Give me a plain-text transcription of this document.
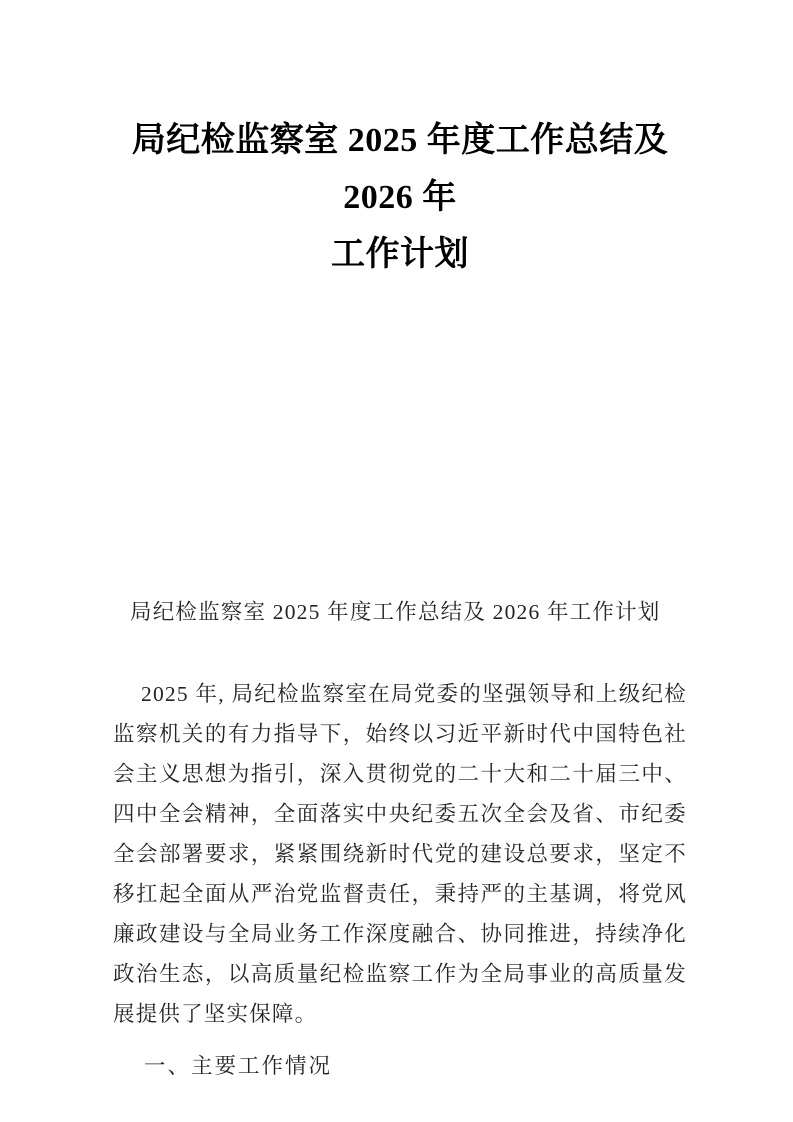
局纪检监察室 2025 年度工作总结及 2026 年
工作计划

局纪检监察室 2025 年度工作总结及 2026 年工作计划

2025 年, 局纪检监察室在局党委的坚强领导和上级纪检监察机关的有力指导下，始终以习近平新时代中国特色社会主义思想为指引，深入贯彻党的二十大和二十届三中、四中全会精神，全面落实中央纪委五次全会及省、市纪委全会部署要求，紧紧围绕新时代党的建设总要求，坚定不移扛起全面从严治党监督责任，秉持严的主基调，将党风廉政建设与全局业务工作深度融合、协同推进，持续净化政治生态，以高质量纪检监察工作为全局事业的高质量发展提供了坚实保障。

一、主要工作情况
